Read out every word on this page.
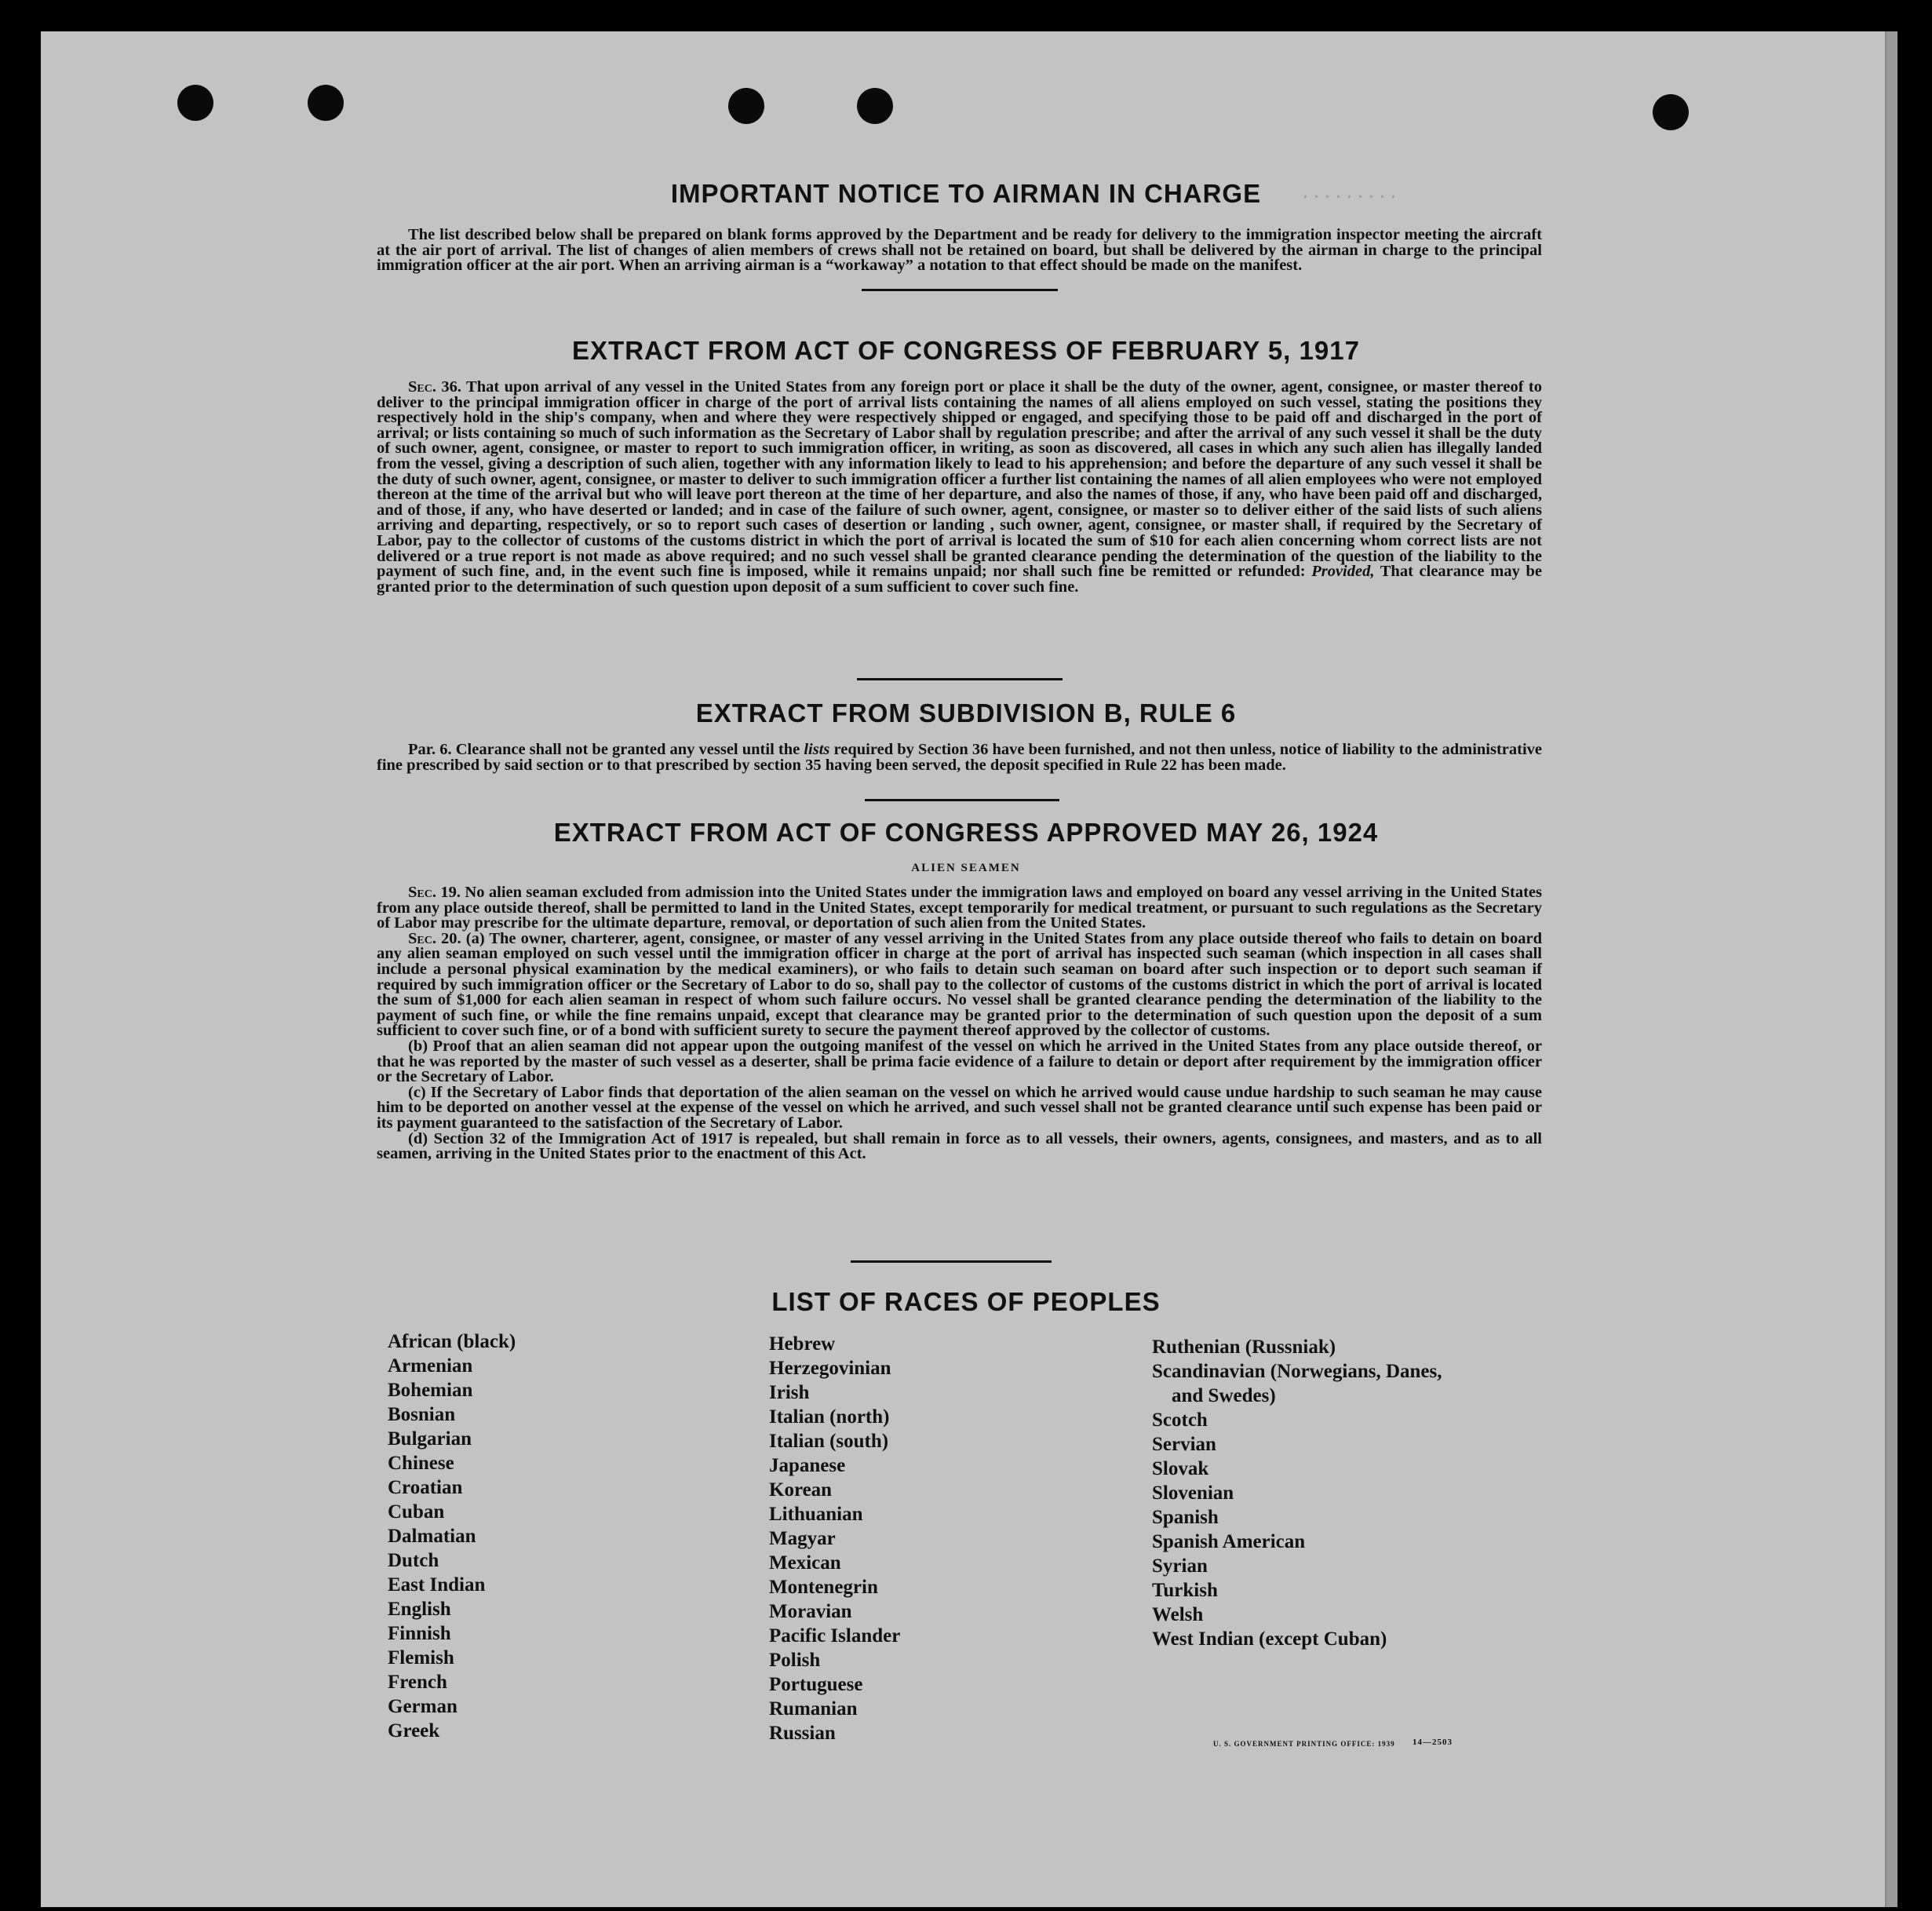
. . . . . . . . .
IMPORTANT NOTICE TO AIRMAN IN CHARGE

The list described below shall be prepared on blank forms approved by the Department and be ready for delivery to the immigration inspector meeting the aircraft at the air port of arrival. The list of changes of alien members of crews shall not be retained on board, but shall be delivered by the airman in charge to the principal immigration officer at the air port. When an arriving airman is a “workaway” a notation to that effect should be made on the manifest.

EXTRACT FROM ACT OF CONGRESS OF FEBRUARY 5, 1917

Sec. 36. That upon arrival of any vessel in the United States from any foreign port or place it shall be the duty of the owner, agent, consignee, or master thereof to deliver to the principal immigration officer in charge of the port of arrival lists containing the names of all aliens employed on such vessel, stating the positions they respectively hold in the ship's company, when and where they were respectively shipped or engaged, and specifying those to be paid off and discharged in the port of arrival; or lists containing so much of such information as the Secretary of Labor shall by regulation prescribe; and after the arrival of any such vessel it shall be the duty of such owner, agent, consignee, or master to report to such immigration officer, in writing, as soon as discovered, all cases in which any such alien has illegally landed from the vessel, giving a description of such alien, together with any information likely to lead to his apprehension; and before the departure of any such vessel it shall be the duty of such owner, agent, consignee, or master to deliver to such immigration officer a further list containing the names of all alien employees who were not employed thereon at the time of the arrival but who will leave port thereon at the time of her departure, and also the names of those, if any, who have been paid off and discharged, and of those, if any, who have deserted or landed; and in case of the failure of such owner, agent, consignee, or master so to deliver either of the said lists of such aliens arriving and departing, respectively, or so to report such cases of desertion or landing , such owner, agent, consignee, or master shall, if required by the Secretary of Labor, pay to the collector of customs of the customs district in which the port of arrival is located the sum of $10 for each alien concerning whom correct lists are not delivered or a true report is not made as above required; and no such vessel shall be granted clearance pending the determination of the question of the liability to the payment of such fine, and, in the event such fine is imposed, while it remains unpaid; nor shall such fine be remitted or refunded: Provided, That clearance may be granted prior to the determination of such question upon deposit of a sum sufficient to cover such fine.

EXTRACT FROM SUBDIVISION B, RULE 6

Par. 6. Clearance shall not be granted any vessel until the lists required by Section 36 have been furnished, and not then unless, notice of liability to the administrative fine prescribed by said section or to that prescribed by section 35 having been served, the deposit specified in Rule 22 has been made.

EXTRACT FROM ACT OF CONGRESS APPROVED MAY 26, 1924
ALIEN SEAMEN

Sec. 19. No alien seaman excluded from admission into the United States under the immigration laws and employed on board any vessel arriving in the United States from any place outside thereof, shall be permitted to land in the United States, except temporarily for medical treatment, or pursuant to such regulations as the Secretary of Labor may prescribe for the ultimate departure, removal, or deportation of such alien from the United States.

Sec. 20. (a) The owner, charterer, agent, consignee, or master of any vessel arriving in the United States from any place outside thereof who fails to detain on board any alien seaman employed on such vessel until the immigration officer in charge at the port of arrival has inspected such seaman (which inspection in all cases shall include a personal physical examination by the medical examiners), or who fails to detain such seaman on board after such inspection or to deport such seaman if required by such immigration officer or the Secretary of Labor to do so, shall pay to the collector of customs of the customs district in which the port of arrival is located the sum of $1,000 for each alien seaman in respect of whom such failure occurs. No vessel shall be granted clearance pending the determination of the liability to the payment of such fine, or while the fine remains unpaid, except that clearance may be granted prior to the determination of such question upon the deposit of a sum sufficient to cover such fine, or of a bond with sufficient surety to secure the payment thereof approved by the collector of customs.

(b) Proof that an alien seaman did not appear upon the outgoing manifest of the vessel on which he arrived in the United States from any place outside thereof, or that he was reported by the master of such vessel as a deserter, shall be prima facie evidence of a failure to detain or deport after requirement by the immigration officer or the Secretary of Labor.

(c) If the Secretary of Labor finds that deportation of the alien seaman on the vessel on which he arrived would cause undue hardship to such seaman he may cause him to be deported on another vessel at the expense of the vessel on which he arrived, and such vessel shall not be granted clearance until such expense has been paid or its payment guaranteed to the satisfaction of the Secretary of Labor.

(d) Section 32 of the Immigration Act of 1917 is repealed, but shall remain in force as to all vessels, their owners, agents, consignees, and masters, and as to all seamen, arriving in the United States prior to the enactment of this Act.

LIST OF RACES OF PEOPLES
African (black)
Armenian
Bohemian
Bosnian
Bulgarian
Chinese
Croatian
Cuban
Dalmatian
Dutch
East Indian
English
Finnish
Flemish
French
German
Greek
Hebrew
Herzegovinian
Irish
Italian (north)
Italian (south)
Japanese
Korean
Lithuanian
Magyar
Mexican
Montenegrin
Moravian
Pacific Islander
Polish
Portuguese
Rumanian
Russian
Ruthenian (Russniak)
Scandinavian (Norwegians, Danes,
and Swedes)
Scotch
Servian
Slovak
Slovenian
Spanish
Spanish American
Syrian
Turkish
Welsh
West Indian (except Cuban)
U. S. GOVERNMENT PRINTING OFFICE: 1939 14—2503
